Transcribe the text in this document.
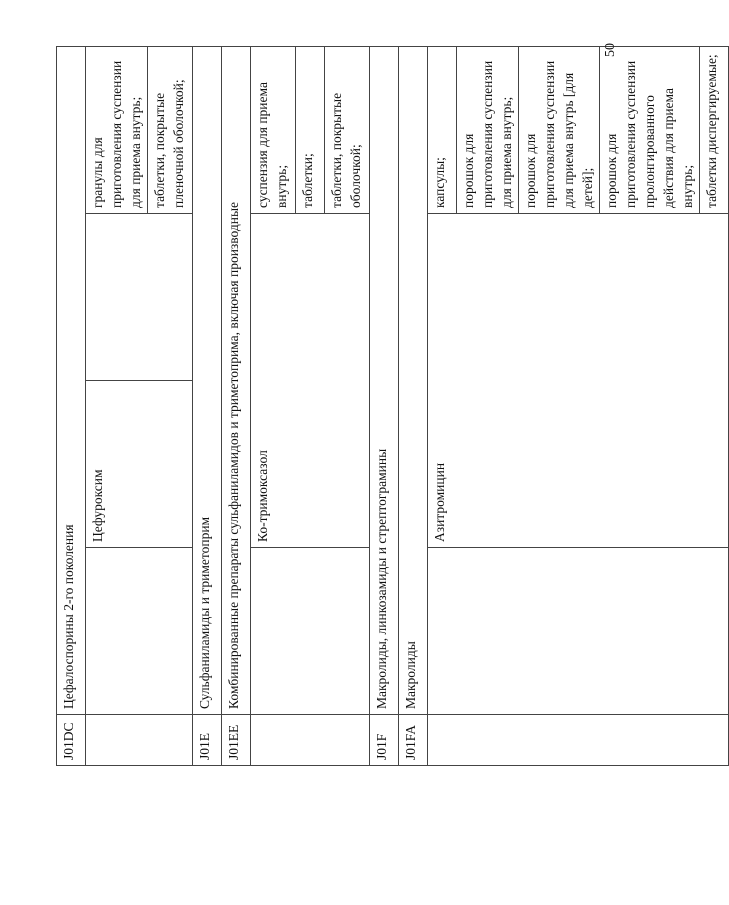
J01DC	Цефалоспорины 2-го поколения			
		Цефуроксим		гранулы для приготовления суспензии для приема внутрь;
				таблетки, покрытые пленочной оболочкой;
J01E	Сульфаниламиды и триметоприм			
J01EE	Комбинированные препараты сульфаниламидов и триметоприма, включая производные			
		Ко-тримоксазол		суспензия для приема внутрь;
				таблетки;
				таблетки, покрытые оболочкой;
J01F	Макролиды, линкозамиды и стрептограмины			
J01FA	Макролиды			
		Азитромицин		капсулы;
				порошок для приготовления суспензии для приема внутрь;
				порошок для приготовления суспензии для приема внутрь [для детей];
				порошок для приготовления суспензии пролонгированного действия для приема внутрь;
				таблетки диспергируемые;
50
